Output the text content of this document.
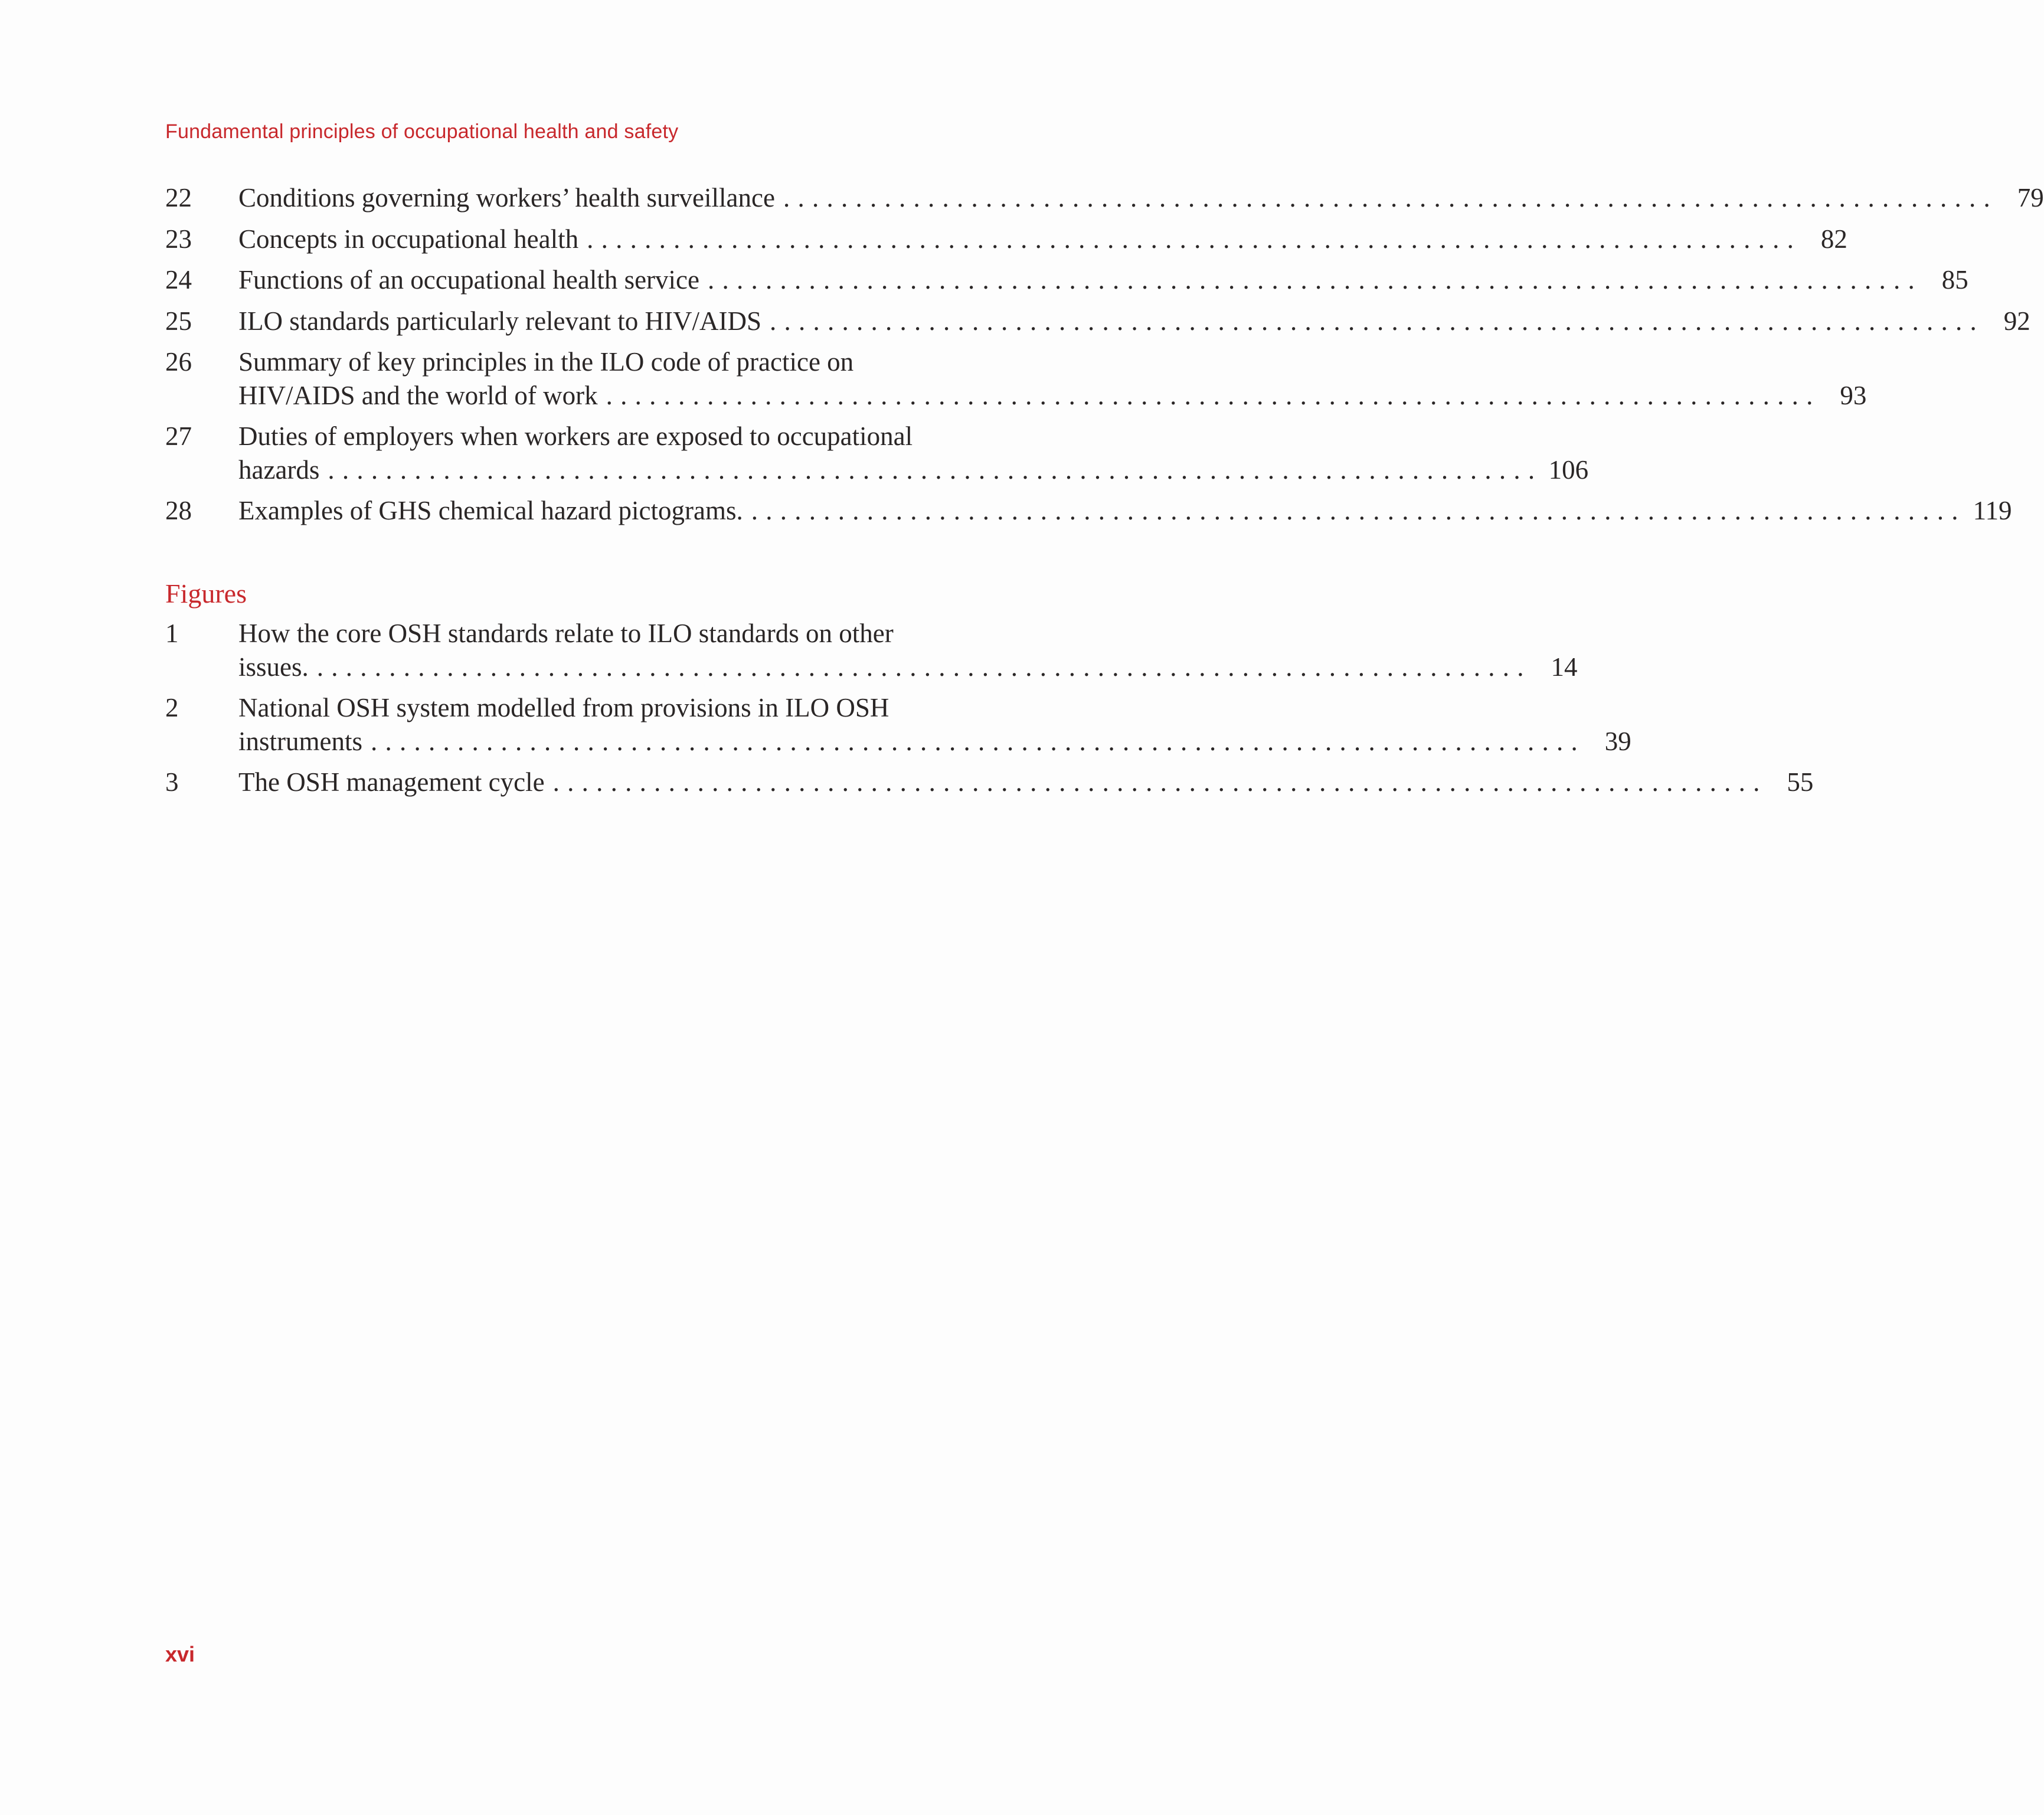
Fundamental principles of occupational health and safety
22	Conditions governing workers’ health surveillance . . .	79
23	Concepts in occupational health . . .	82
24	Functions of an occupational health service . . .	85
25	ILO standards particularly relevant to HIV/AIDS . . .	92
26	Summary of key principles in the ILO code of practice on
HIV/AIDS and the world of work . . .	93
27	Duties of employers when workers are exposed to occupational
hazards . . .	106
28	Examples of GHS chemical hazard pictograms. . . .	119
Figures
1	How the core OSH standards relate to ILO standards on other
issues. . . .	14
2	National OSH system modelled from provisions in ILO OSH
instruments . . .	39
3	The OSH management cycle . . .	55
xvi
